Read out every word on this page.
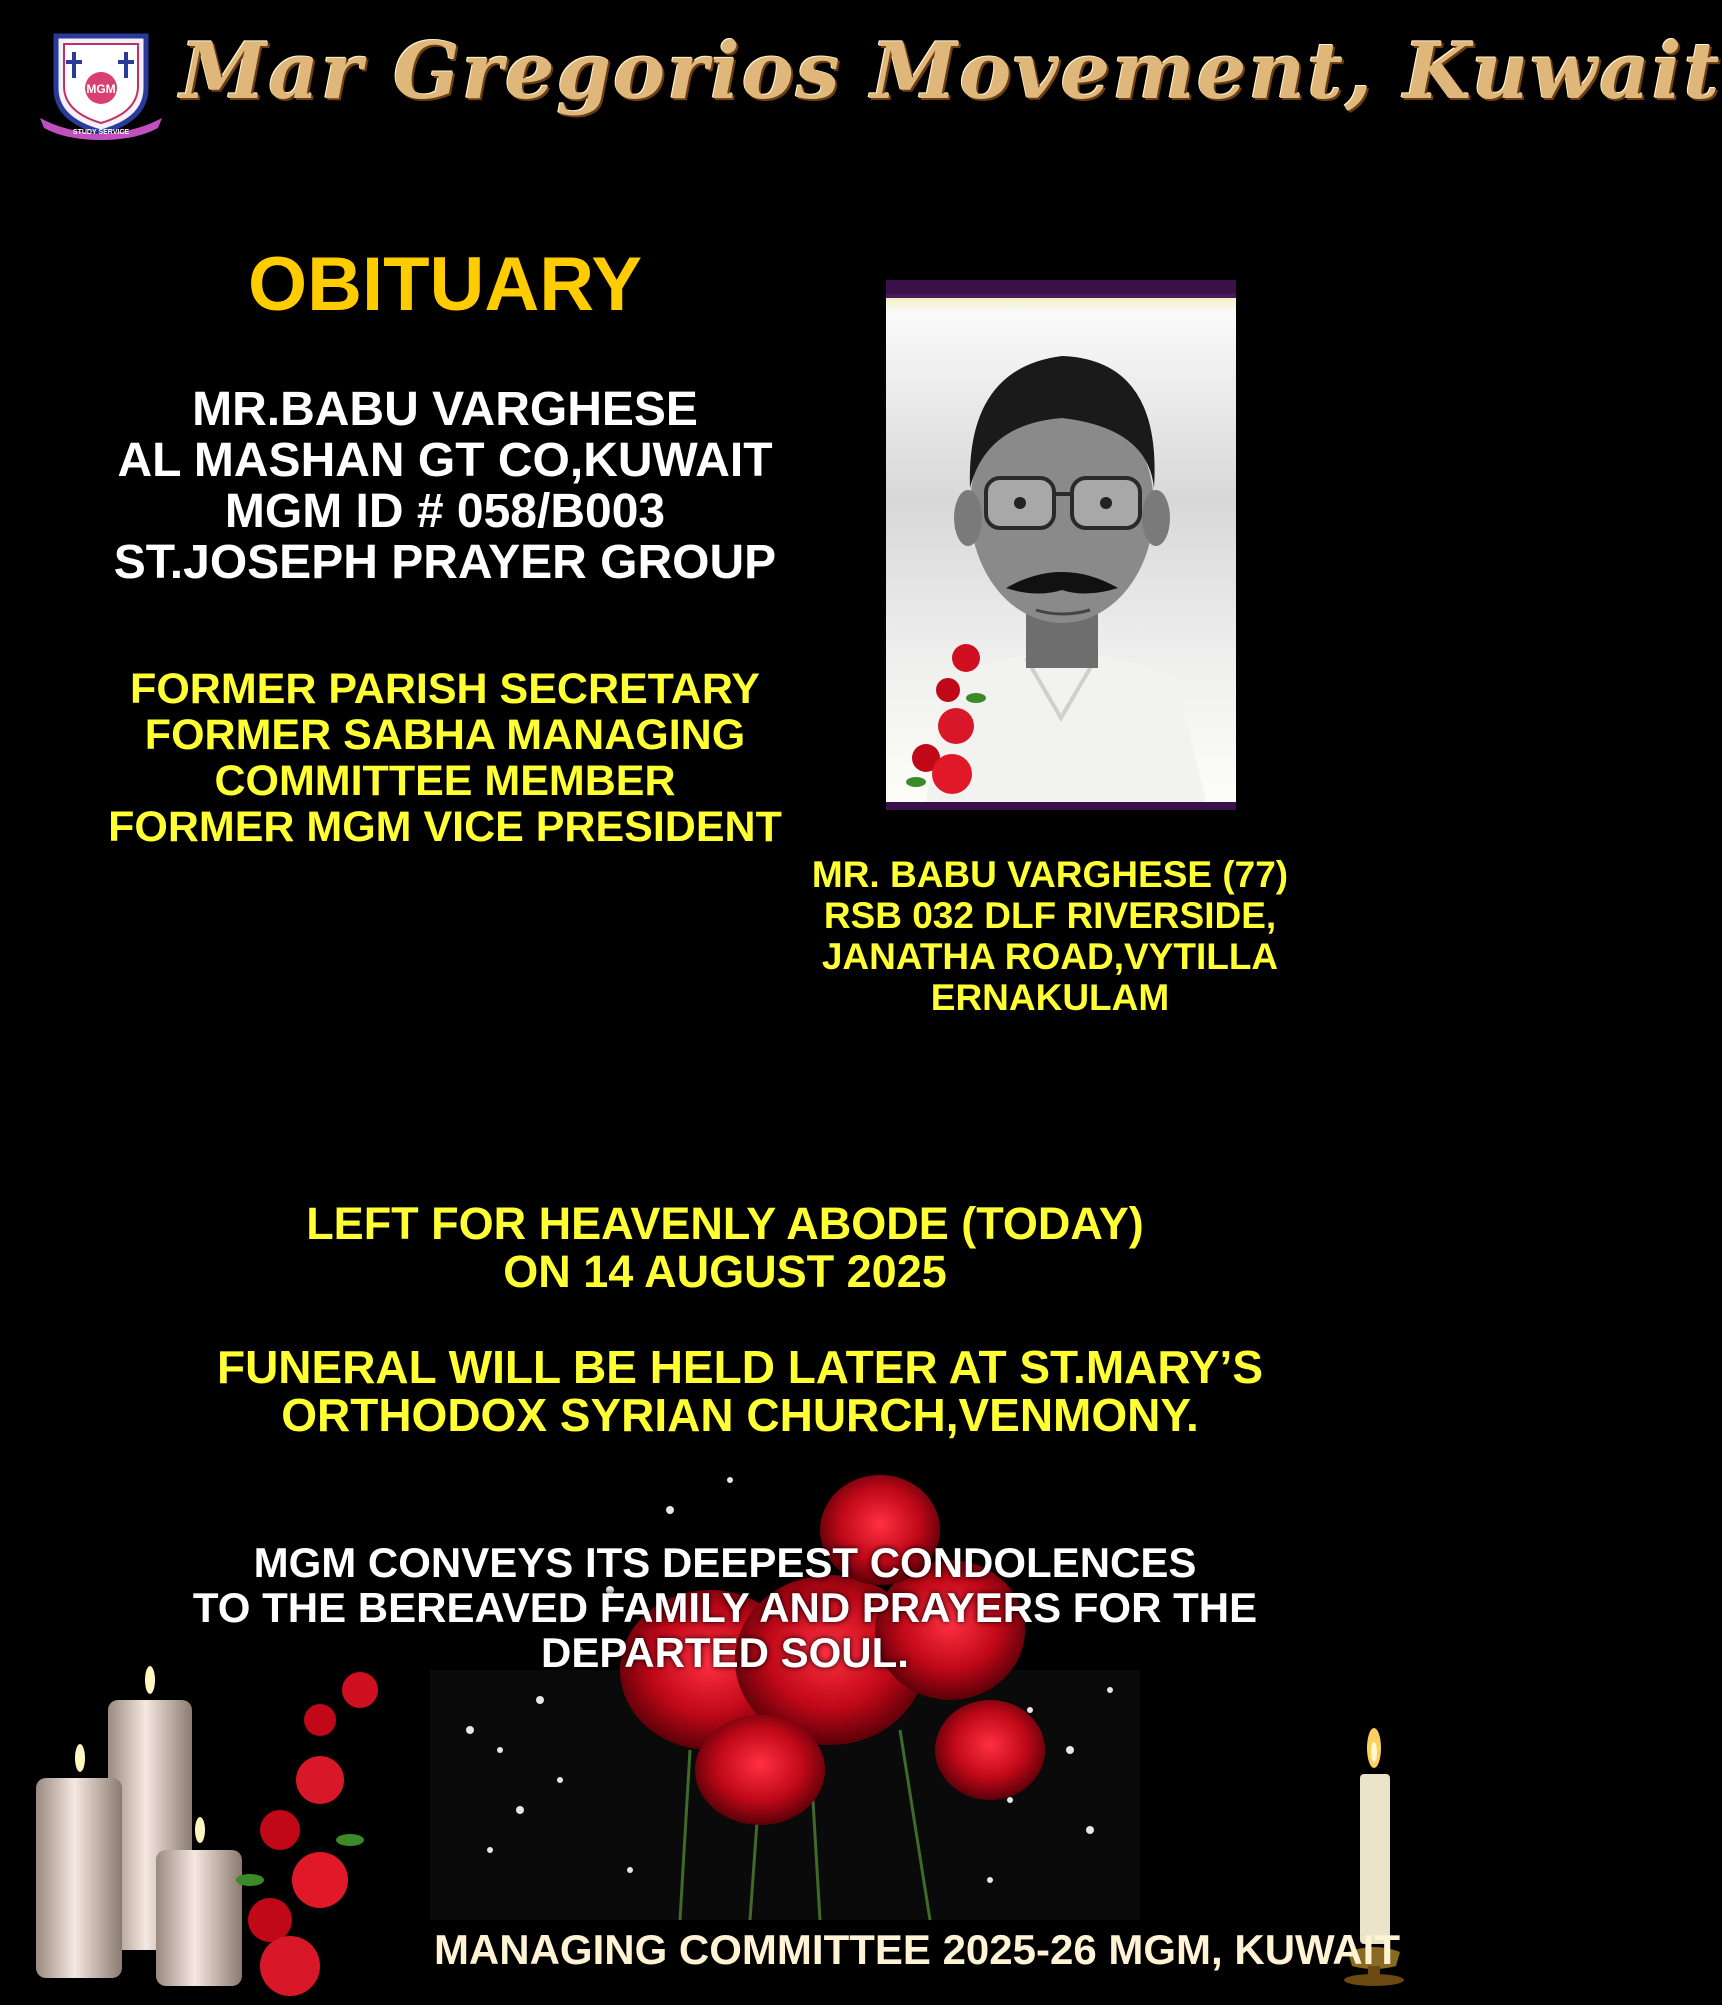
MGM
STUDY SERVICE
Mar Gregorios Movement, Kuwait
OBITUARY
MR.BABU VARGHESE
AL MASHAN GT CO,KUWAIT
MGM ID # 058/B003
ST.JOSEPH PRAYER GROUP
FORMER PARISH SECRETARY
FORMER SABHA MANAGING
COMMITTEE MEMBER
FORMER MGM VICE PRESIDENT
MR. BABU VARGHESE (77)
RSB 032 DLF RIVERSIDE,
JANATHA ROAD,VYTILLA
ERNAKULAM
LEFT FOR HEAVENLY ABODE (TODAY)
ON 14 AUGUST 2025
FUNERAL WILL BE HELD LATER AT ST.MARY’S
ORTHODOX SYRIAN CHURCH,VENMONY.
MGM CONVEYS ITS DEEPEST CONDOLENCES
TO THE BEREAVED FAMILY AND PRAYERS FOR THE
DEPARTED SOUL.
MANAGING COMMITTEE 2025-26 MGM, KUWAIT
